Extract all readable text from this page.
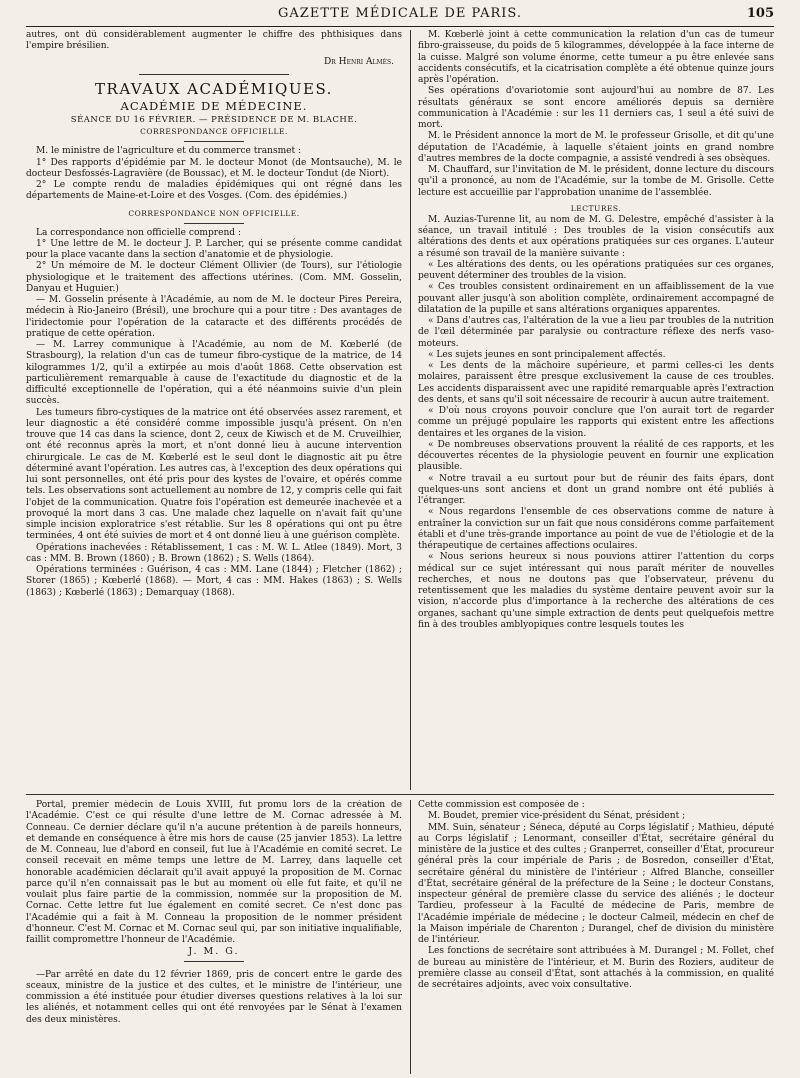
GAZETTE MÉDICALE DE PARIS.	105

autres, ont dû considérablement augmenter le chiffre des phthisiques dans l'empire brésilien.

Dr Henri Almès.

TRAVAUX ACADÉMIQUES.

ACADÉMIE DE MÉDECINE.

SÉANCE DU 16 FÉVRIER. — PRÉSIDENCE DE M. BLACHE.

CORRESPONDANCE OFFICIELLE.

M. le ministre de l'agriculture et du commerce transmet :

1° Des rapports d'épidémie par M. le docteur Monot (de Montsauche), M. le docteur Desfossés-Lagravière (de Boussac), et M. le docteur Tondut (de Niort).

2° Le compte rendu de maladies épidémiques qui ont régné dans les départements de Maine-et-Loire et des Vosges. (Com. des épidémies.)

CORRESPONDANCE NON OFFICIELLE.

La correspondance non officielle comprend :

1° Une lettre de M. le docteur J. P. Larcher, qui se présente comme candidat pour la place vacante dans la section d'anatomie et de physiologie.

2° Un mémoire de M. le docteur Clément Ollivier (de Tours), sur l'étiologie physiologique et le traitement des affections utérines. (Com. MM. Gosselin, Danyau et Huguier.)

— M. Gosselin présente à l'Académie, au nom de M. le docteur Pires Pereira, médecin à Rio-Janeiro (Brésil), une brochure qui a pour titre : Des avantages de l'iridectomie pour l'opération de la cataracte et des différents procédés de pratique de cette opération.

— M. Larrey communique à l'Académie, au nom de M. Kœberlé (de Strasbourg), la relation d'un cas de tumeur fibro-cystique de la matrice, de 14 kilogrammes 1/2, qu'il a extirpée au mois d'août 1868. Cette observation est particulièrement remarquable à cause de l'exactitude du diagnostic et de la difficulté exceptionnelle de l'opération, qui a été néanmoins suivie d'un plein succès.

Les tumeurs fibro-cystiques de la matrice ont été observées assez rarement, et leur diagnostic a été considéré comme impossible jusqu'à présent. On n'en trouve que 14 cas dans la science, dont 2, ceux de Kiwisch et de M. Cruveilhier, ont été reconnus après la mort, et n'ont donné lieu à aucune intervention chirurgicale. Le cas de M. Kœberlé est le seul dont le diagnostic ait pu être déterminé avant l'opération. Les autres cas, à l'exception des deux opérations qui lui sont personnelles, ont été pris pour des kystes de l'ovaire, et opérés comme tels. Les observations sont actuellement au nombre de 12, y compris celle qui fait l'objet de la communication. Quatre fois l'opération est demeurée inachevée et a provoqué la mort dans 3 cas. Une malade chez laquelle on n'avait fait qu'une simple incision exploratrice s'est rétablie. Sur les 8 opérations qui ont pu être terminées, 4 ont été suivies de mort et 4 ont donné lieu à une guérison complète.

Opérations inachevées : Rétablissement, 1 cas : M. W. L. Atlee (1849). Mort, 3 cas : MM. B. Brown (1860) ; B. Brown (1862) ; S. Wells (1864).

Opérations terminées : Guérison, 4 cas : MM. Lane (1844) ; Fletcher (1862) ; Storer (1865) ; Kœberlé (1868). — Mort, 4 cas : MM. Hakes (1863) ; S. Wells (1863) ; Kœberlé (1863) ; Demarquay (1868).

M. Kœberlé joint à cette communication la relation d'un cas de tumeur fibro-graisseuse, du poids de 5 kilogrammes, développée à la face interne de la cuisse. Malgré son volume énorme, cette tumeur a pu être enlevée sans accidents consécutifs, et la cicatrisation complète a été obtenue quinze jours après l'opération.

Ses opérations d'ovariotomie sont aujourd'hui au nombre de 87. Les résultats généraux se sont encore améliorés depuis sa dernière communication à l'Académie : sur les 11 derniers cas, 1 seul a été suivi de mort.

M. le Président annonce la mort de M. le professeur Grisolle, et dit qu'une députation de l'Académie, à laquelle s'étaient joints en grand nombre d'autres membres de la docte compagnie, a assisté vendredi à ses obsèques.

M. Chauffard, sur l'invitation de M. le président, donne lecture du discours qu'il a prononcé, au nom de l'Académie, sur la tombe de M. Grisolle. Cette lecture est accueillie par l'approbation unanime de l'assemblée.

LECTURES.

M. Auzias-Turenne lit, au nom de M. G. Delestre, empêché d'assister à la séance, un travail intitulé : Des troubles de la vision consécutifs aux altérations des dents et aux opérations pratiquées sur ces organes. L'auteur a résumé son travail de la manière suivante :

« Les altérations des dents, ou les opérations pratiquées sur ces organes, peuvent déterminer des troubles de la vision.

« Ces troubles consistent ordinairement en un affaiblissement de la vue pouvant aller jusqu'à son abolition complète, ordinairement accompagné de dilatation de la pupille et sans altérations organiques apparentes.

« Dans d'autres cas, l'altération de la vue a lieu par troubles de la nutrition de l'œil déterminée par paralysie ou contracture réflexe des nerfs vaso-moteurs.

« Les sujets jeunes en sont principalement affectés.

« Les dents de la mâchoire supérieure, et parmi celles-ci les dents molaires, paraissent être presque exclusivement la cause de ces troubles. Les accidents disparaissent avec une rapidité remarquable après l'extraction des dents, et sans qu'il soit nécessaire de recourir à aucun autre traitement.

« D'où nous croyons pouvoir conclure que l'on aurait tort de regarder comme un préjugé populaire les rapports qui existent entre les affections dentaires et les organes de la vision.

« De nombreuses observations prouvent la réalité de ces rapports, et les découvertes récentes de la physiologie peuvent en fournir une explication plausible.

« Notre travail a eu surtout pour but de réunir des faits épars, dont quelques-uns sont anciens et dont un grand nombre ont été publiés à l'étranger.

« Nous regardons l'ensemble de ces observations comme de nature à entraîner la conviction sur un fait que nous considérons comme parfaitement établi et d'une très-grande importance au point de vue de l'étiologie et de la thérapeutique de certaines affections oculaires.

« Nous serions heureux si nous pouvions attirer l'attention du corps médical sur ce sujet intéressant qui nous paraît mériter de nouvelles recherches, et nous ne doutons pas que l'observateur, prévenu du retentissement que les maladies du système dentaire peuvent avoir sur la vision, n'accorde plus d'importance à la recherche des altérations de ces organes, sachant qu'une simple extraction de dents peut quelquefois mettre fin à des troubles amblyopiques contre lesquels toutes les

Portal, premier médecin de Louis XVIII, fut promu lors de la création de l'Académie. C'est ce qui résulte d'une lettre de M. Cornac adressée à M. Conneau. Ce dernier déclare qu'il n'a aucune prétention à de pareils honneurs, et demande en conséquence à être mis hors de cause (25 janvier 1853). La lettre de M. Conneau, lue d'abord en conseil, fut lue à l'Académie en comité secret. Le conseil recevait en même temps une lettre de M. Larrey, dans laquelle cet honorable académicien déclarait qu'il avait appuyé la proposition de M. Cornac parce qu'il n'en connaissait pas le but au moment où elle fut faite, et qu'il ne voulait plus faire partie de la commission, nommée sur la proposition de M. Cornac. Cette lettre fut lue également en comité secret. Ce n'est donc pas l'Académie qui a fait à M. Conneau la proposition de le nommer président d'honneur. C'est M. Cornac et M. Cornac seul qui, par son initiative inqualifiable, faillit compromettre l'honneur de l'Académie.

J. M. G.

—Par arrêté en date du 12 février 1869, pris de concert entre le garde des sceaux, ministre de la justice et des cultes, et le ministre de l'intérieur, une commission a été instituée pour étudier diverses questions relatives à la loi sur les aliénés, et notamment celles qui ont été renvoyées par le Sénat à l'examen des deux ministères.

Cette commission est composée de :

M. Boudet, premier vice-président du Sénat, président ;

MM. Suin, sénateur ; Séneca, député au Corps législatif ; Mathieu, député au Corps législatif ; Lenormant, conseiller d'État, secrétaire général du ministère de la justice et des cultes ; Granperret, conseiller d'État, procureur général près la cour impériale de Paris ; de Bosredon, conseiller d'État, secrétaire général du ministère de l'intérieur ; Alfred Blanche, conseiller d'État, secrétaire général de la préfecture de la Seine ; le docteur Constans, inspecteur général de première classe du service des aliénés ; le docteur Tardieu, professeur à la Faculté de médecine de Paris, membre de l'Académie impériale de médecine ; le docteur Calmeil, médecin en chef de la Maison impériale de Charenton ; Durangel, chef de division du ministère de l'intérieur.

Les fonctions de secrétaire sont attribuées à M. Durangel ; M. Follet, chef de bureau au ministère de l'intérieur, et M. Burin des Roziers, auditeur de première classe au conseil d'État, sont attachés à la commission, en qualité de secrétaires adjoints, avec voix consultative.
